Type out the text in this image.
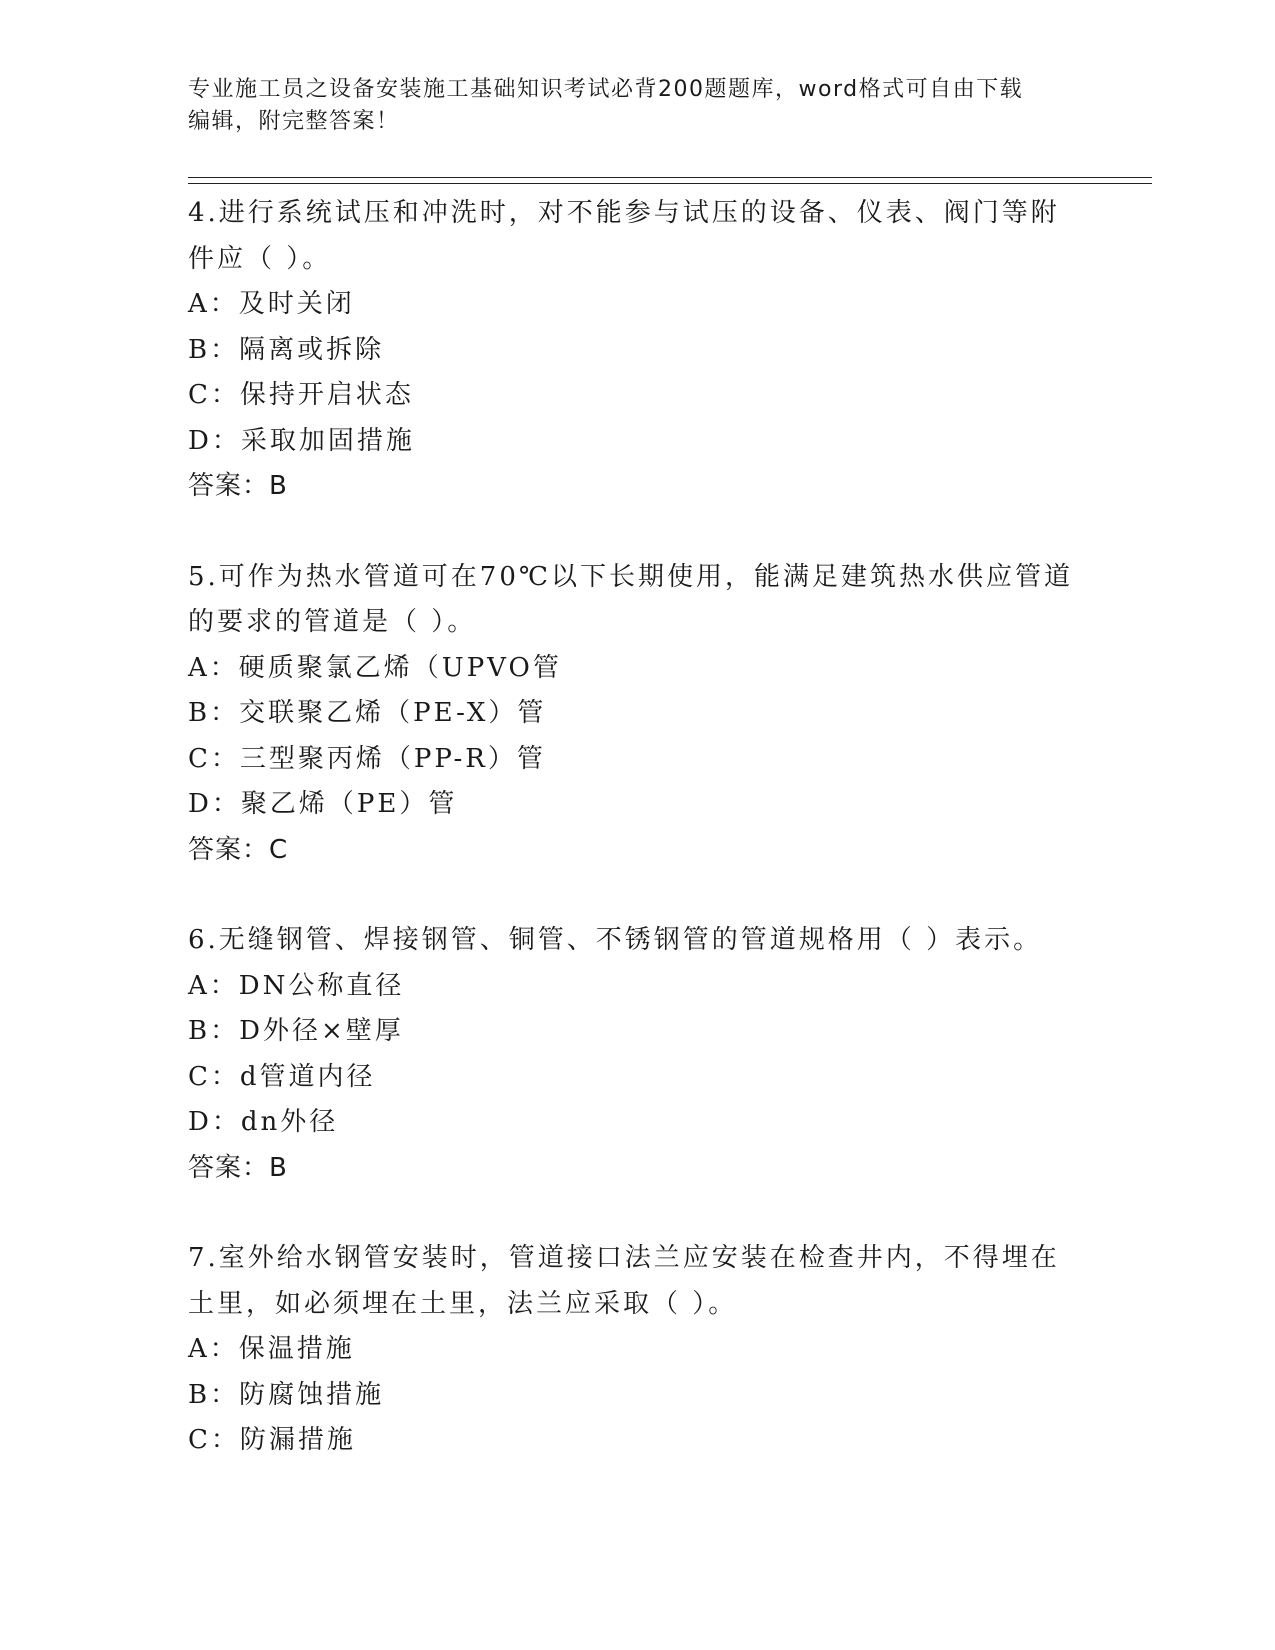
专业施工员之设备安装施工基础知识考试必背200题题库，word格式可自由下载
编辑，附完整答案！
4.进行系统试压和冲洗时，对不能参与试压的设备、仪表、阀门等附
件应（ ）。
A：及时关闭
B：隔离或拆除
C：保持开启状态
D：采取加固措施
答案：B
5.可作为热水管道可在70℃以下长期使用，能满足建筑热水供应管道
的要求的管道是（ ）。
A：硬质聚氯乙烯（UPVO管
B：交联聚乙烯（PE-X）管
C：三型聚丙烯（PP-R）管
D：聚乙烯（PE）管
答案：C
6.无缝钢管、焊接钢管、铜管、不锈钢管的管道规格用（ ）表示。
A：DN公称直径
B：D外径×壁厚
C：d管道内径
D：dn外径
答案：B
7.室外给水钢管安装时，管道接口法兰应安装在检查井内，不得埋在
土里，如必须埋在土里，法兰应采取（ ）。
A：保温措施
B：防腐蚀措施
C：防漏措施
